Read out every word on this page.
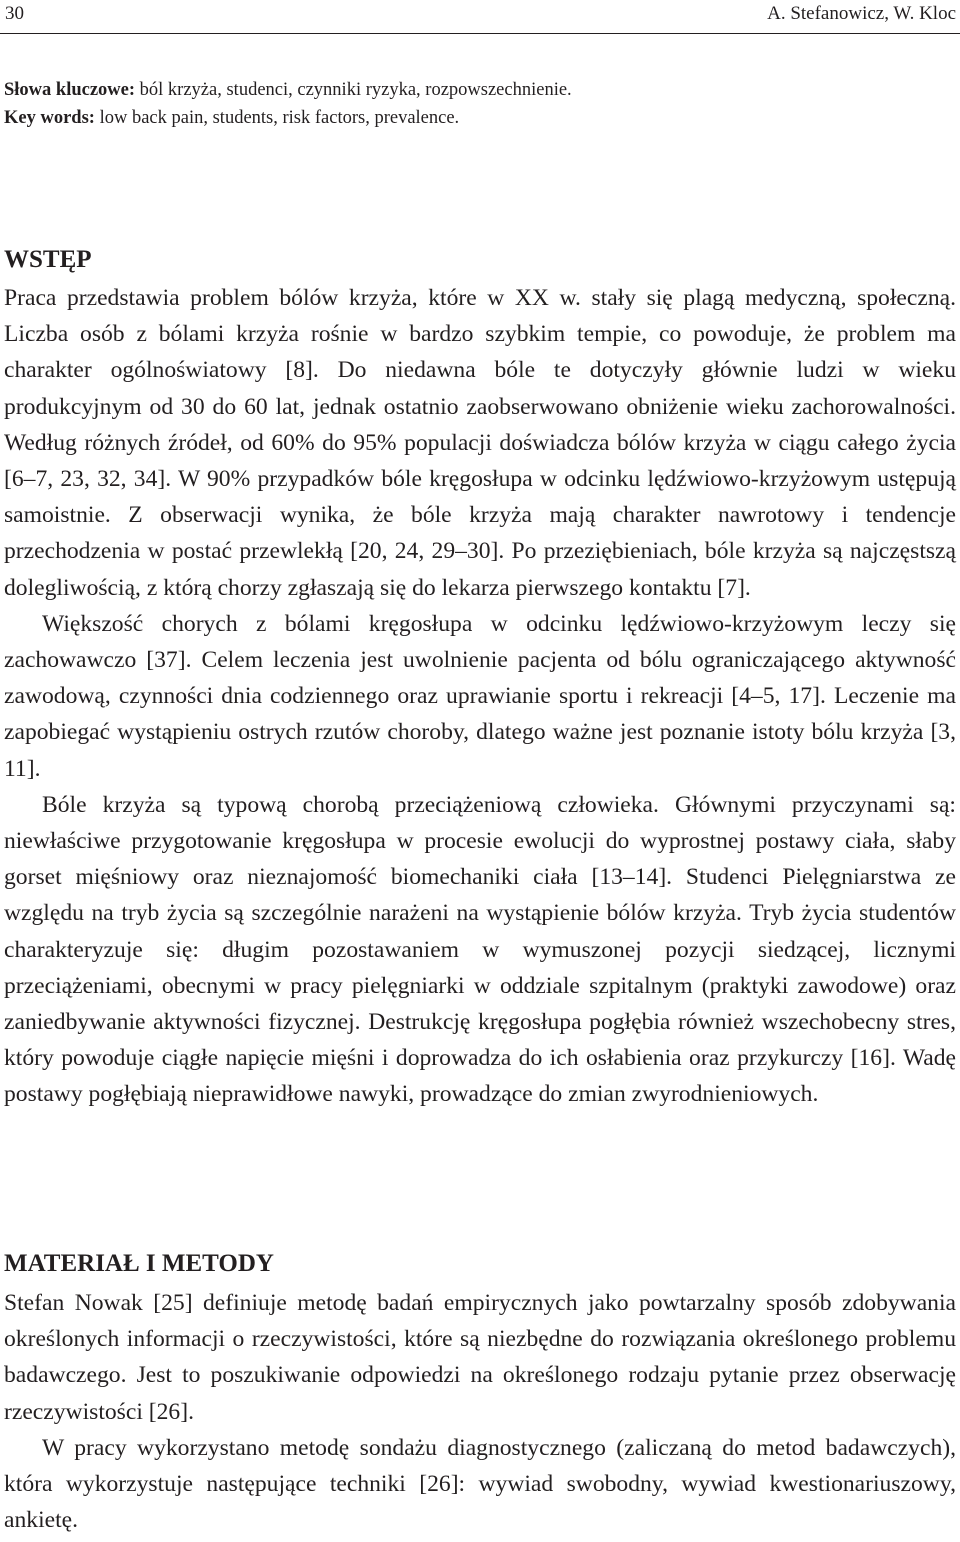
30	A. Stefanowicz, W. Kloc

Słowa kluczowe: ból krzyża, studenci, czynniki ryzyka, rozpowszechnienie.

Key words: low back pain, students, risk factors, prevalence.

WSTĘP

Praca przedstawia problem bólów krzyża, które w XX w. stały się plagą medyczną, społeczną. Liczba osób z bólami krzyża rośnie w bardzo szybkim tempie, co powoduje, że problem ma charakter ogólnoświatowy [8]. Do niedawna bóle te dotyczyły głównie ludzi w wieku produkcyjnym od 30 do 60 lat, jednak ostatnio zaobserwowano obniżenie wieku zachorowalności. Według różnych źródeł, od 60% do 95% populacji doświadcza bólów krzyża w ciągu całego życia [6–7, 23, 32, 34]. W 90% przypadków bóle kręgosłupa w odcinku lędźwiowo-krzyżowym ustępują samoistnie. Z obserwacji wynika, że bóle krzyża mają charakter nawrotowy i tendencje przechodzenia w postać przewlekłą [20, 24, 29–30]. Po przeziębieniach, bóle krzyża są najczęstszą dolegliwością, z którą chorzy zgłaszają się do lekarza pierwszego kontaktu [7].

Większość chorych z bólami kręgosłupa w odcinku lędźwiowo-krzyżowym leczy się zachowawczo [37]. Celem leczenia jest uwolnienie pacjenta od bólu ograniczającego aktywność zawodową, czynności dnia codziennego oraz uprawianie sportu i rekreacji [4–5, 17]. Leczenie ma zapobiegać wystąpieniu ostrych rzutów choroby, dlatego ważne jest poznanie istoty bólu krzyża [3, 11].

Bóle krzyża są typową chorobą przeciążeniową człowieka. Głównymi przyczynami są: niewłaściwe przygotowanie kręgosłupa w procesie ewolucji do wyprostnej postawy ciała, słaby gorset mięśniowy oraz nieznajomość biomechaniki ciała [13–14]. Studenci Pielęgniarstwa ze względu na tryb życia są szczególnie narażeni na wystąpienie bólów krzyża. Tryb życia studentów charakteryzuje się: długim pozostawaniem w wymuszonej pozycji siedzącej, licznymi przeciążeniami, obecnymi w pracy pielęgniarki w oddziale szpitalnym (praktyki zawodowe) oraz zaniedbywanie aktywności fizycznej. Destrukcję kręgosłupa pogłębia również wszechobecny stres, który powoduje ciągłe napięcie mięśni i doprowadza do ich osłabienia oraz przykurczy [16]. Wadę postawy pogłębiają nieprawidłowe nawyki, prowadzące do zmian zwyrodnieniowych.

MATERIAŁ I METODY

Stefan Nowak [25] definiuje metodę badań empirycznych jako powtarzalny sposób zdobywania określonych informacji o rzeczywistości, które są niezbędne do rozwiązania określonego problemu badawczego. Jest to poszukiwanie odpowiedzi na określonego rodzaju pytanie przez obserwację rzeczywistości [26].

W pracy wykorzystano metodę sondażu diagnostycznego (zaliczaną do metod badawczych), która wykorzystuje następujące techniki [26]: wywiad swobodny, wywiad kwestionariuszowy, ankietę.
